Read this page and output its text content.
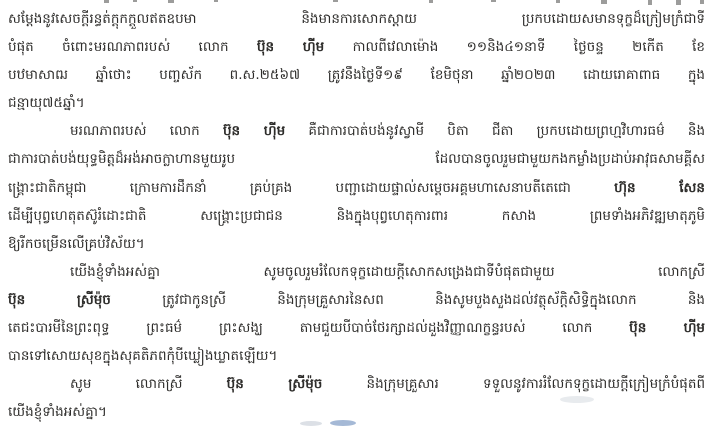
សម្តែងនូវសេចក្តីរន្ធត់ក្តុកក្តួលឥតឧបមា និងមានការសោកស្តាយ ប្រកបដោយសមានទុក្ខដ៏ក្រៀមក្រំជាទី
បំផុត ចំពោះមរណភាពរបស់ លោក ប៊ុន ហ៊ីម កាលពីវេលាម៉ោង ១១និង៤១នាទី ថ្ងៃចន្ទ ២កើត ខែ
បឋមាសាឍ ឆ្នាំថោះ បញ្ចស័ក ព.ស.២៥៦៧ ត្រូវនឹងថ្ងៃទី១៩ ខែមិថុនា ឆ្នាំ២០២៣ ដោយរោគាពាធ ក្នុង
ជន្មាយុ៧៥ឆ្នាំ។
មរណភាពរបស់ លោក ប៊ុន ហ៊ីម គឺជាការបាត់បង់នូវស្វាមី បិតា ជីតា ប្រកបដោយព្រហ្មវិហារធម៌ និង
ជាការបាត់បង់យុទ្ធមិត្តដ៏អង់អាចក្លាហានមួយរូប ដែលបានចូលរួមជាមួយកងកម្លាំងប្រដាប់អាវុធសាមគ្គីស
ង្គ្រោះជាតិកម្ពុជា ក្រោមការដឹកនាំ គ្រប់គ្រង បញ្ជាដោយផ្ទាល់សម្តេចអគ្គមហាសេនាបតីតេជោ ហ៊ុន សែន
ដើម្បីបុព្វហេតុតស៊ូរំដោះជាតិ សង្គ្រោះប្រជាជន និងក្នុងបុព្វហេតុការពារ កសាង ព្រមទាំងអភិវឌ្ឍមាតុភូមិ
ឱ្យរីកចម្រើនលើគ្រប់វិស័យ។
យើងខ្ញុំទាំងអស់គ្នា សូមចូលរួមរំលែកទុក្ខដោយក្តីសោកសង្រេងជាទីបំផុតជាមួយ លោកស្រី
ប៊ុន ស្រីម៉ុច ត្រូវជាកូនស្រី និងក្រុមគ្រួសារនៃសព និងសូមបួងសួងដល់វត្ថុស័ក្តិសិទ្ធិក្នុងលោក និង
តេជះបារមីនៃព្រះពុទ្ធ ព្រះធម៌ ព្រះសង្ឃ តាមជួយបីបាច់ថែរក្សាដល់ដួងវិញ្ញាណក្ខន្ធរបស់ លោក ប៊ុន ហ៊ីម
បានទៅសោយសុខក្នុងសុគតិភពកុំបីឃ្លៀងឃ្លាតឡើយ។
សូម លោកស្រី ប៊ុន ស្រីម៉ុច និងក្រុមគ្រួសារ ទទួលនូវការរំលែកទុក្ខដោយក្តីក្រៀមក្រំបំផុតពី
យើងខ្ញុំទាំងអស់គ្នា។
